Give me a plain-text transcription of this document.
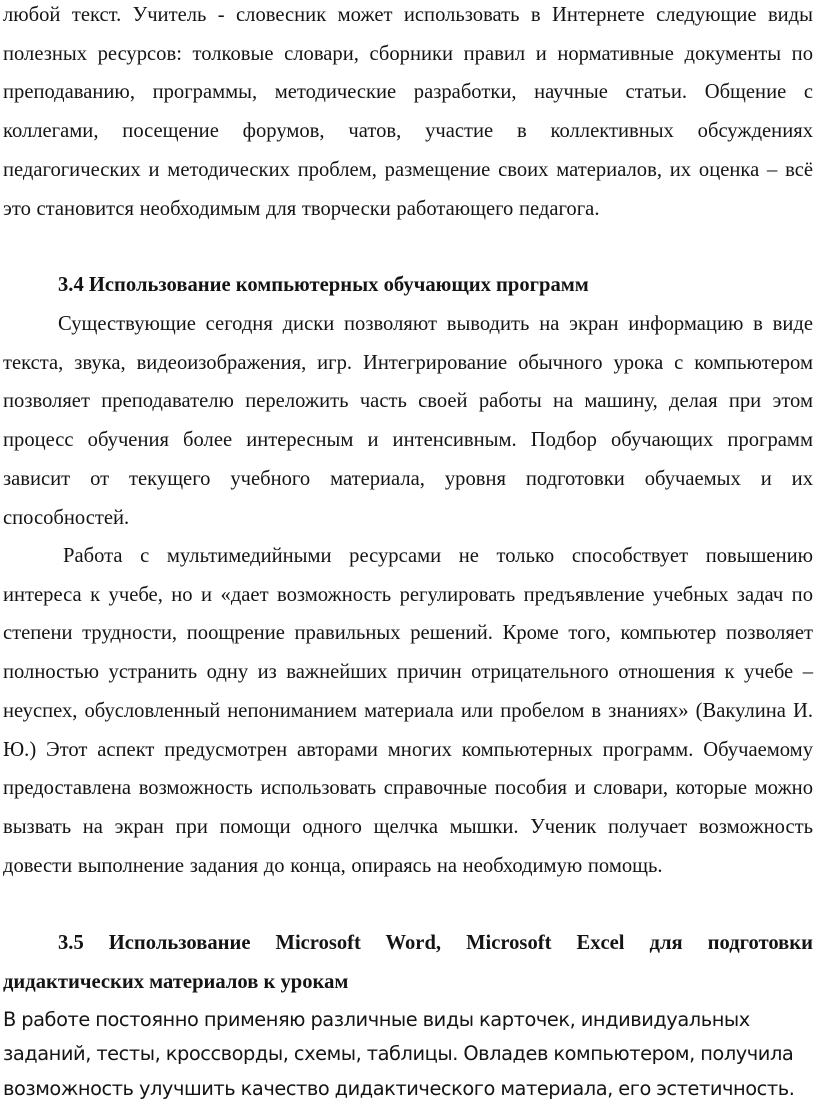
любой текст. Учитель - словесник может использовать в Интернете следующие виды полезных ресурсов: толковые словари, сборники правил и нормативные документы по преподаванию, программы, методические разработки, научные статьи. Общение с коллегами, посещение форумов, чатов, участие в коллективных обсуждениях педагогических и методических проблем, размещение своих материалов, их оценка – всё это становится необходимым для творчески работающего педагога.

3.4 Использование компьютерных обучающих программ

Существующие сегодня диски позволяют выводить на экран информацию в виде текста, звука, видеоизображения, игр. Интегрирование обычного урока с компьютером позволяет преподавателю переложить часть своей работы на машину, делая при этом процесс обучения более интересным и интенсивным. Подбор обучающих программ зависит от текущего учебного материала, уровня подготовки обучаемых и их способностей.

Работа с мультимедийными ресурсами не только способствует повышению интереса к учебе, но и «дает возможность регулировать предъявление учебных задач по степени трудности, поощрение правильных решений. Кроме того, компьютер позволяет полностью устранить одну из важнейших причин отрицательного отношения к учебе – неуспех, обусловленный непониманием материала или пробелом в знаниях» (Вакулина И. Ю.) Этот аспект предусмотрен авторами многих компьютерных программ. Обучаемому предоставлена возможность использовать справочные пособия и словари, которые можно вызвать на экран при помощи одного щелчка мышки. Ученик получает возможность довести выполнение задания до конца, опираясь на необходимую помощь.

3.5 Использование Microsoft Word, Microsoft Excel для подготовки дидактических материалов к урокам

В работе постоянно применяю различные виды карточек, индивидуальных заданий, тесты, кроссворды, схемы, таблицы. Овладев компьютером, получила возможность улучшить качество дидактического материала, его эстетичность.
